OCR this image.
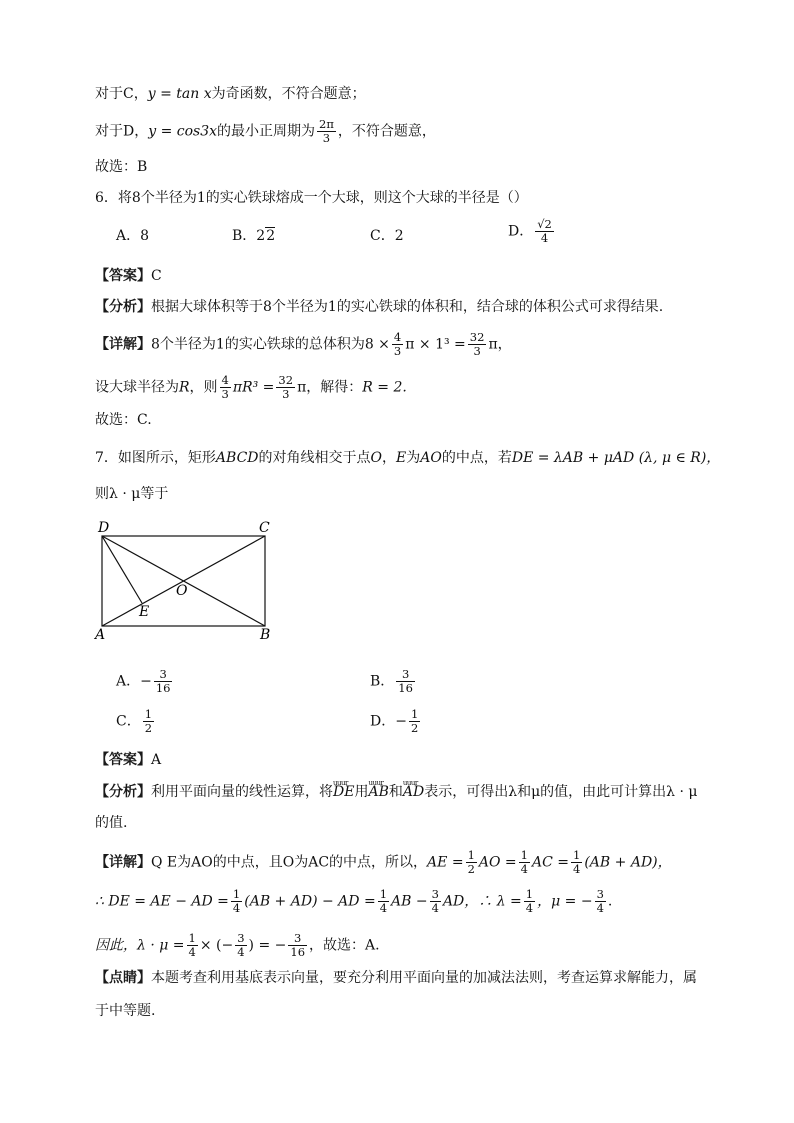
对于C，y = tan x为奇函数，不符合题意；
对于D，y = cos3x的最小正周期为 $\frac{2\pi}{3}$ ，不符合题意，
故选：B
6．将8个半径为1的实心铁球熔成一个大球，则这个大球的半径是（）
A．8	B．22	C．2	D． $\frac{√2}{4}$
【答案】C
【分析】根据大球体积等于8个半径为1的实心铁球的体积和，结合球的体积公式可求得结果.
【详解】8个半径为1的实心铁球的总体积为$8 \times \frac{4}{3}$ $\pi \times 1^3 = \frac{32}{3}$ π，
设大球半径为R，则 $\frac{4}{3} \pi R^3 = \frac{32}{3}$ π，解得：R = 2.
故选：C.
7．如图所示，矩形ABCD的对角线相交于点O，E为AO的中点，若DE = λAB + μAD (λ, μ ∈ R)，
则λ · μ等于
D	C
A	B
O
E
A．− $\frac{3}{16}$	B． $\frac{3}{16}$
C． $\frac{1}{2}$	D．− $\frac{1}{2}$
【答案】A
【分析】利用平面向量的线性运算，将uuur DE用uuur AB和uuur AD表示，可得出λ和μ的值，由此可计算出λ · μ
的值.
【详解】Q E为AO的中点，且O为AC的中点，所以，AE = $\frac{1}{2}$ AO = $\frac{1}{4}$ AC = $\frac{1}{4} (AB + AD)$，
∴ DE = AE − AD = $\frac{1}{4} (AB + AD)$ − AD = $\frac{1}{4}$ AB − $\frac{3}{4}$ AD，∴ $\lambda = \frac{1}{4}$ ，μ = − $\frac{3}{4}$ .
因此，$\lambda \cdot \mu = \frac{1}{4}$ × (− $\frac{3}{4}$ ) = − $\frac{3}{16}$ ，故选：A.
【点睛】本题考查利用基底表示向量，要充分利用平面向量的加减法法则，考查运算求解能力，属
于中等题.
